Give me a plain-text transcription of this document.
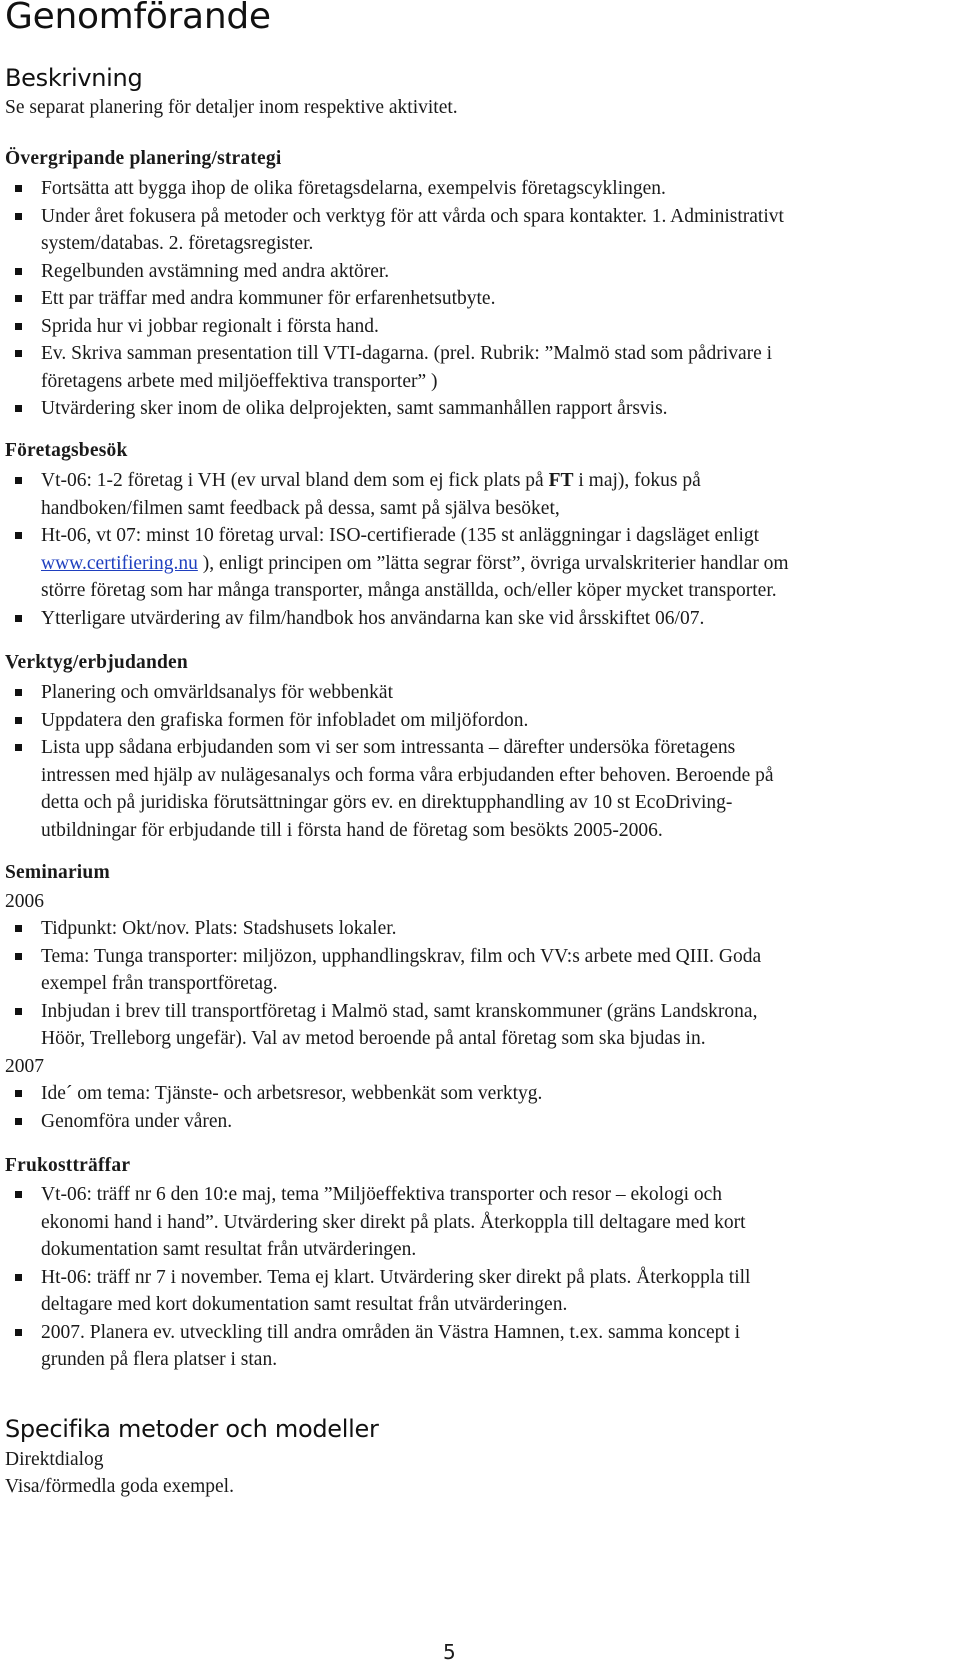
Genomförande
Beskrivning
Se separat planering för detaljer inom respektive aktivitet.
Övergripande planering/strategi
Fortsätta att bygga ihop de olika företagsdelarna, exempelvis företagscyklingen.
Under året fokusera på metoder och verktyg för att vårda och spara kontakter. 1. Administrativt
system/databas. 2. företagsregister.
Regelbunden avstämning med andra aktörer.
Ett par träffar med andra kommuner för erfarenhetsutbyte.
Sprida hur vi jobbar regionalt i första hand.
Ev. Skriva samman presentation till VTI-dagarna. (prel. Rubrik: ”Malmö stad som pådrivare i
företagens arbete med miljöeffektiva transporter” )
Utvärdering sker inom de olika delprojekten, samt sammanhållen rapport årsvis.
Företagsbesök
Vt-06: 1-2 företag i VH (ev urval bland dem som ej fick plats på FT i maj), fokus på
handboken/filmen samt feedback på dessa, samt på själva besöket,
Ht-06, vt 07: minst 10 företag urval: ISO-certifierade (135 st anläggningar i dagsläget enligt
www.certifiering.nu ), enligt principen om ”lätta segrar först”, övriga urvalskriterier handlar om
större företag som har många transporter, många anställda, och/eller köper mycket transporter.
Ytterligare utvärdering av film/handbok hos användarna kan ske vid årsskiftet 06/07.
Verktyg/erbjudanden
Planering och omvärldsanalys för webbenkät
Uppdatera den grafiska formen för infobladet om miljöfordon.
Lista upp sådana erbjudanden som vi ser som intressanta – därefter undersöka företagens
intressen med hjälp av nulägesanalys och forma våra erbjudanden efter behoven. Beroende på
detta och på juridiska förutsättningar görs ev. en direktupphandling av 10 st EcoDriving-
utbildningar för erbjudande till i första hand de företag som besökts 2005-2006.
Seminarium
2006
Tidpunkt: Okt/nov. Plats: Stadshusets lokaler.
Tema: Tunga transporter: miljözon, upphandlingskrav, film och VV:s arbete med QIII. Goda
exempel från transportföretag.
Inbjudan i brev till transportföretag i Malmö stad, samt kranskommuner (gräns Landskrona,
Höör, Trelleborg ungefär). Val av metod beroende på antal företag som ska bjudas in.
2007
Ide´ om tema: Tjänste- och arbetsresor, webbenkät som verktyg.
Genomföra under våren.
Frukostträffar
Vt-06: träff nr 6 den 10:e maj, tema ”Miljöeffektiva transporter och resor – ekologi och
ekonomi hand i hand”. Utvärdering sker direkt på plats. Återkoppla till deltagare med kort
dokumentation samt resultat från utvärderingen.
Ht-06: träff nr 7 i november. Tema ej klart. Utvärdering sker direkt på plats. Återkoppla till
deltagare med kort dokumentation samt resultat från utvärderingen.
2007. Planera ev. utveckling till andra områden än Västra Hamnen, t.ex. samma koncept i
grunden på flera platser i stan.
Specifika metoder och modeller
Direktdialog
Visa/förmedla goda exempel.
5
